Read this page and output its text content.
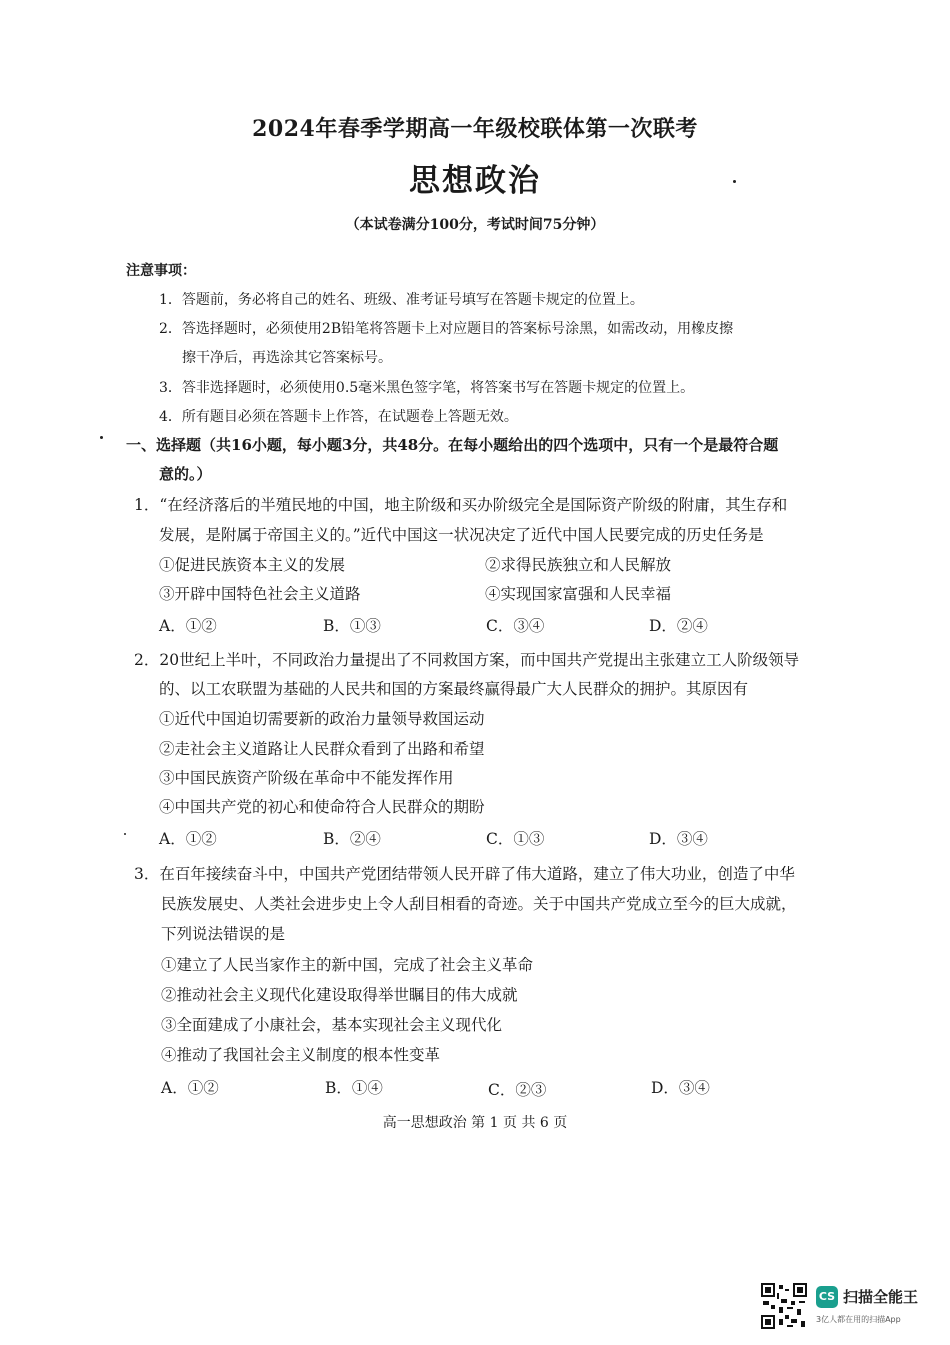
2024年春季学期高一年级校联体第一次联考
思想政治
（本试卷满分100分，考试时间75分钟）
注意事项：
1．答题前，务必将自己的姓名、班级、准考证号填写在答题卡规定的位置上。
2．答选择题时，必须使用2B铅笔将答题卡上对应题目的答案标号涂黑，如需改动，用橡皮擦
擦干净后，再选涂其它答案标号。
3．答非选择题时，必须使用0.5毫米黑色签字笔，将答案书写在答题卡规定的位置上。
4．所有题目必须在答题卡上作答，在试题卷上答题无效。
一、选择题（共16小题，每小题3分，共48分。在每小题给出的四个选项中，只有一个是最符合题
意的。）
1．“在经济落后的半殖民地的中国，地主阶级和买办阶级完全是国际资产阶级的附庸，其生存和
发展，是附属于帝国主义的。”近代中国这一状况决定了近代中国人民要完成的历史任务是
①促进民族资本主义的发展	②求得民族独立和人民解放
③开辟中国特色社会主义道路	④实现国家富强和人民幸福
A．①②	B．①③	C．③④	D．②④
2．20世纪上半叶，不同政治力量提出了不同救国方案，而中国共产党提出主张建立工人阶级领导
的、以工农联盟为基础的人民共和国的方案最终赢得最广大人民群众的拥护。其原因有
①近代中国迫切需要新的政治力量领导救国运动
②走社会主义道路让人民群众看到了出路和希望
③中国民族资产阶级在革命中不能发挥作用
④中国共产党的初心和使命符合人民群众的期盼
A．①②	B．②④	C．①③	D．③④
3．在百年接续奋斗中，中国共产党团结带领人民开辟了伟大道路，建立了伟大功业，创造了中华
民族发展史、人类社会进步史上令人刮目相看的奇迹。关于中国共产党成立至今的巨大成就，
下列说法错误的是
①建立了人民当家作主的新中国，完成了社会主义革命
②推动社会主义现代化建设取得举世瞩目的伟大成就
③全面建成了小康社会，基本实现社会主义现代化
④推动了我国社会主义制度的根本性变革
A．①②	B．①④	C．②③	D．③④
高一思想政治 第 1 页 共 6 页
CS 扫描全能王
3亿人都在用的扫描App
